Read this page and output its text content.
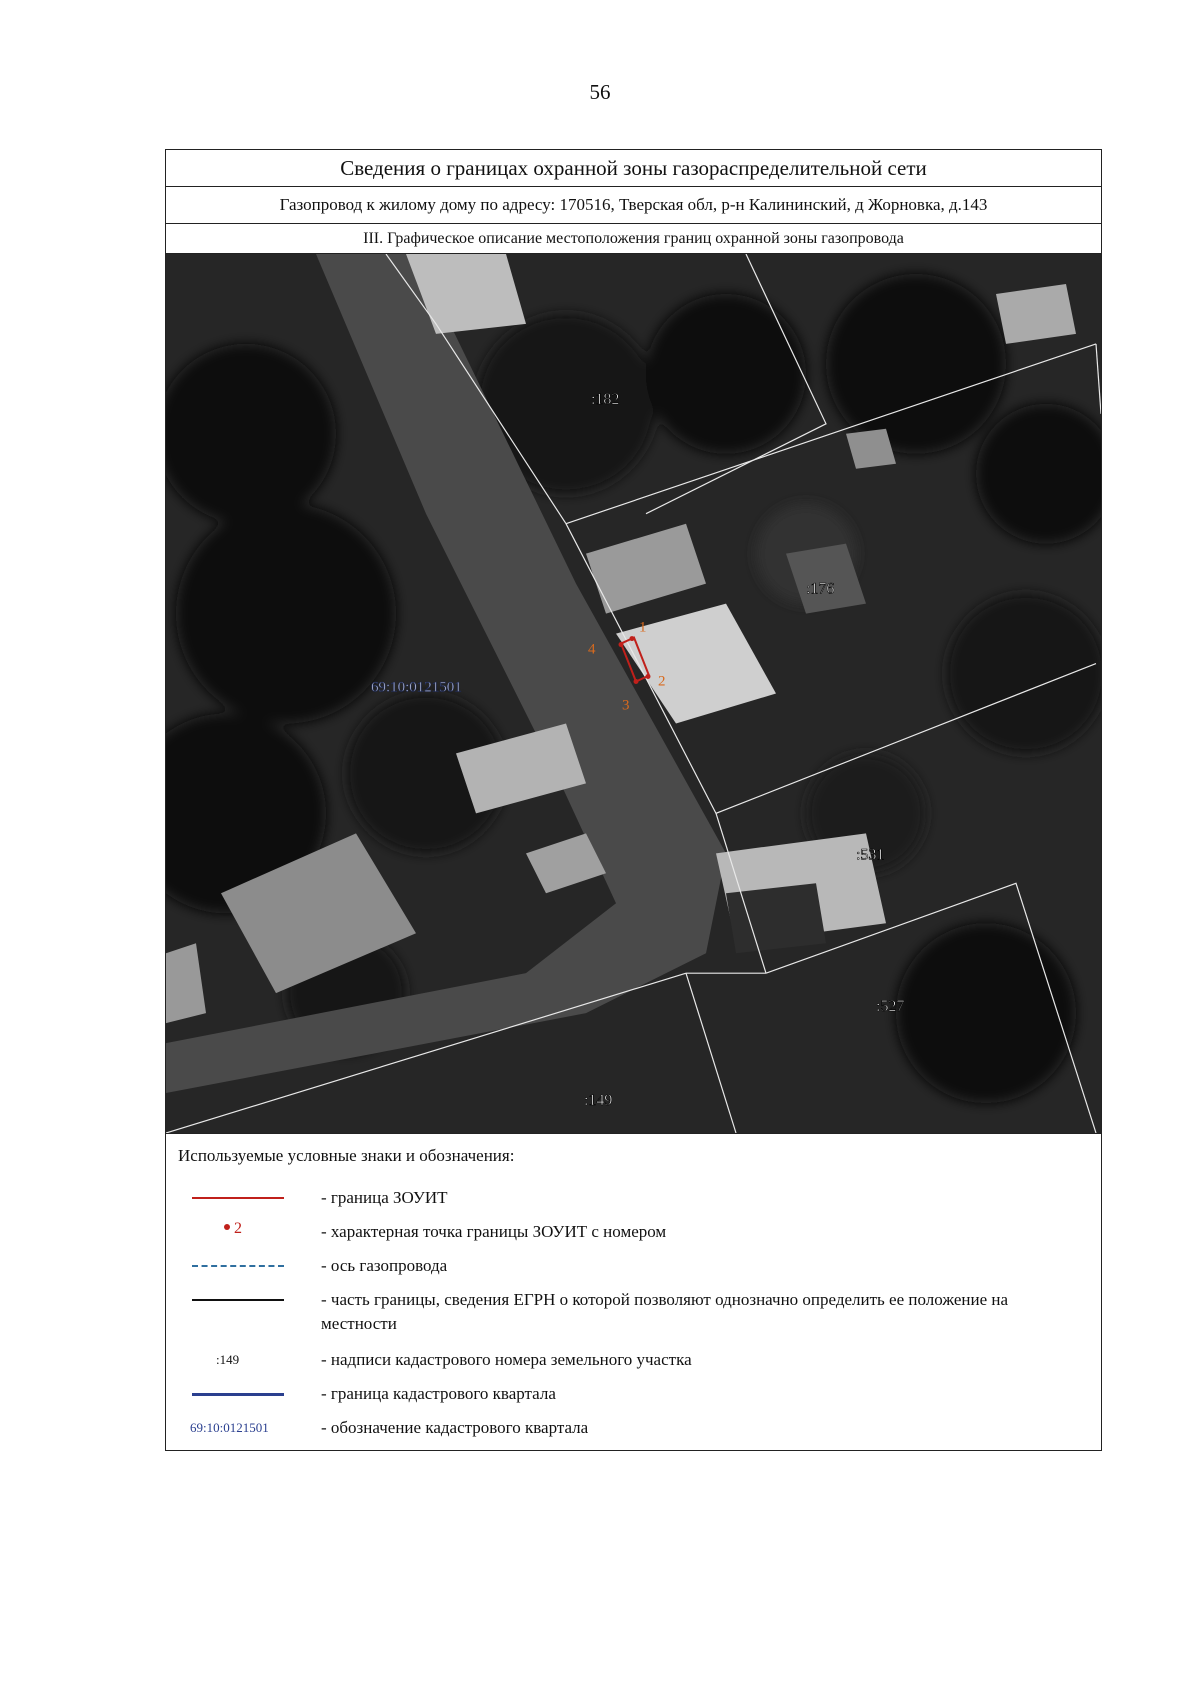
56
Сведения о границах охранной зоны газораспределительной сети
Газопровод к жилому дому по адресу: 170516, Тверская обл, р-н Калининский, д Жорновка, д.143
III. Графическое описание местоположения границ охранной зоны газопровода
1
2
3
4
:182
:176
:531
:527
:149
69:10:0121501
Используемые условные знаки и обозначения:
- граница ЗОУИТ
2	- характерная точка границы ЗОУИТ с номером
- ось газопровода
- часть границы, сведения ЕГРН о которой позволяют однозначно определить ее положение на местности
:149	- надписи кадастрового номера земельного участка
- граница кадастрового квартала
69:10:0121501	- обозначение кадастрового квартала
